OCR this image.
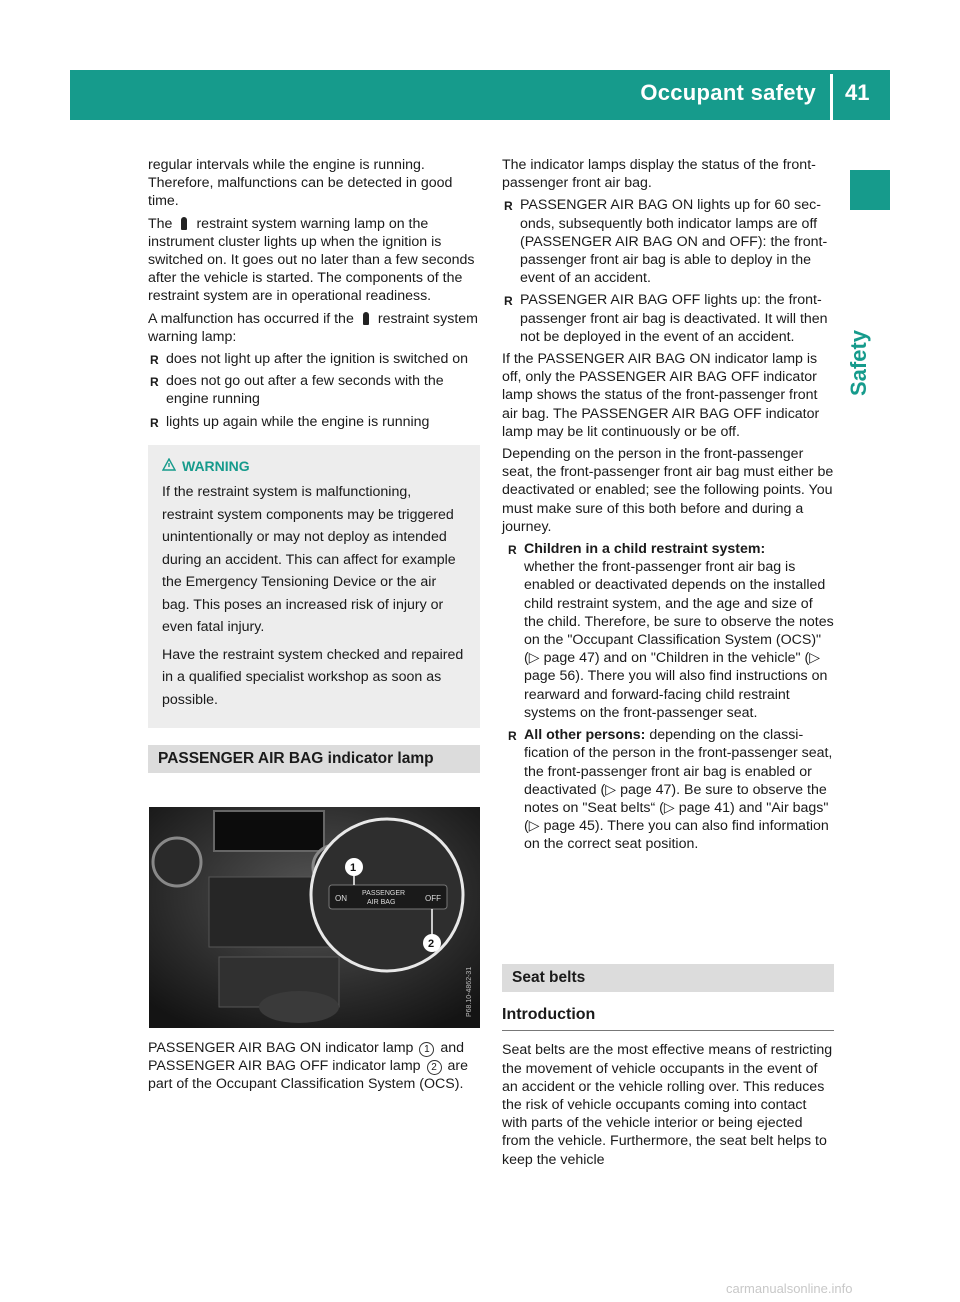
Occupant safety 41
Safety

regular intervals while the engine is running. Therefore, malfunctions can be detected in good time.

The restraint system warning lamp on the instrument cluster lights up when the ignition is switched on. It goes out no later than a few seconds after the vehicle is started. The components of the restraint system are in operational readiness.

A malfunction has occurred if the restraint system warning lamp:

R does not light up after the ignition is switched on
R does not go out after a few seconds with the engine running
R lights up again while the engine is running
WARNING

If the restraint system is malfunctioning, restraint system components may be triggered unintentionally or may not deploy as intended during an accident. This can affect for example the Emergency Tensioning Device or the air bag. This poses an increased risk of injury or even fatal injury.

Have the restraint system checked and repaired in a qualified specialist workshop as soon as possible.

PASSENGER AIR BAG indicator lamp
ON
PASSENGER
AIR BAG	OFF
1
2
P68.10-4862-31

PASSENGER AIR BAG ON indicator lamp 1 and PASSENGER AIR BAG OFF indicator lamp 2 are part of the Occupant Classification System (OCS).

The indicator lamps display the status of the front-passenger front air bag.

R PASSENGER AIR BAG ON lights up for 60 seconds, subsequently both indicator lamps are off (PASSENGER AIR BAG ON and OFF): the front-passenger front air bag is able to deploy in the event of an accident.
R PASSENGER AIR BAG OFF lights up: the front-passenger front air bag is deactivated. It will then not be deployed in the event of an accident.

If the PASSENGER AIR BAG ON indicator lamp is off, only the PASSENGER AIR BAG OFF indicator lamp shows the status of the front-passenger front air bag. The PASSENGER AIR BAG OFF indicator lamp may be lit continuously or be off.

Depending on the person in the front-passenger seat, the front-passenger front air bag must either be deactivated or enabled; see the following points. You must make sure of this both before and during a journey.

R Children in a child restraint system:
whether the front-passenger front air bag is enabled or deactivated depends on the installed child restraint system, and the age and size of the child. Therefore, be sure to observe the notes on the "Occupant Classification System (OCS)" (▷ page 47) and on "Children in the vehicle" (▷ page 56). There you will also find instructions on rearward and forward-facing child restraint systems on the front-passenger seat.
R All other persons: depending on the classification of the person in the front-passenger seat, the front-passenger front air bag is enabled or deactivated (▷ page 47). Be sure to observe the notes on "Seat belts“ (▷ page 41) and "Air bags" (▷ page 45). There you can also find information on the correct seat position.
Seat belts
Introduction

Seat belts are the most effective means of restricting the movement of vehicle occupants in the event of an accident or the vehicle rolling over. This reduces the risk of vehicle occupants coming into contact with parts of the vehicle interior or being ejected from the vehicle. Furthermore, the seat belt helps to keep the vehicle

carmanualsonline.info
